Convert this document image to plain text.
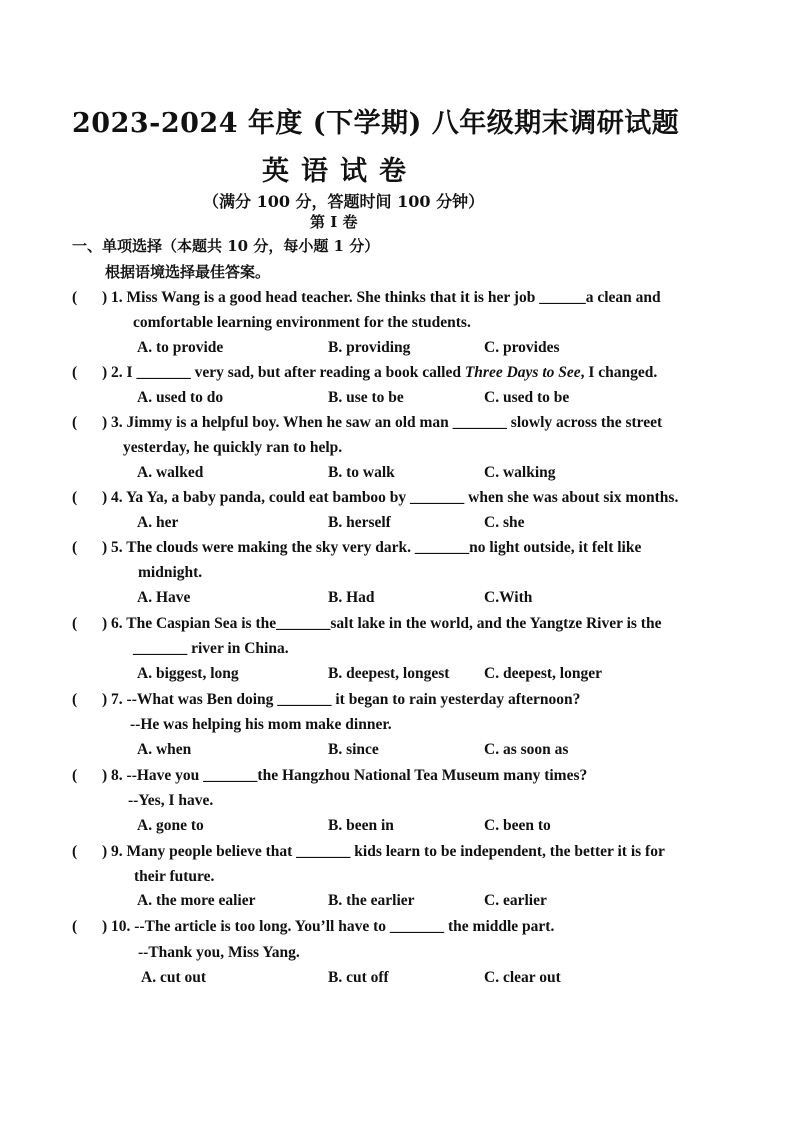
2023-2024 年度 (下学期) 八年级期末调研试题
英语试卷
（满分 100 分，答题时间 100 分钟）
第 I 卷
一、单项选择（本题共 10 分，每小题 1 分）
根据语境选择最佳答案。
( ) 1. Miss Wang is a good head teacher. She thinks that it is her job ______a clean and
comfortable learning environment for the students.
A. to provide	B. providing	C. provides
( ) 2. I _______ very sad, but after reading a book called Three Days to See, I changed.
A. used to do	B. use to be	C. used to be
( ) 3. Jimmy is a helpful boy. When he saw an old man _______ slowly across the street
yesterday, he quickly ran to help.
A. walked	B. to walk	C. walking
( ) 4. Ya Ya, a baby panda, could eat bamboo by _______ when she was about six months.
A. her	B. herself	C. she
( ) 5. The clouds were making the sky very dark. _______no light outside, it felt like
midnight.
A. Have	B. Had	C.With
( ) 6. The Caspian Sea is the_______salt lake in the world, and the Yangtze River is the
_______ river in China.
A. biggest, long	B. deepest, longest C. deepest, longer
( ) 7. --What was Ben doing _______ it began to rain yesterday afternoon?
--He was helping his mom make dinner.
A. when	B. since	C. as soon as
( ) 8. --Have you _______the Hangzhou National Tea Museum many times?
--Yes, I have.
A. gone to	B. been in	C. been to
( ) 9. Many people believe that _______ kids learn to be independent, the better it is for
their future.
A. the more ealier	B. the earlier	C. earlier
( ) 10. --The article is too long. You’ll have to _______ the middle part.
--Thank you, Miss Yang.
A. cut out	B. cut off	C. clear out
